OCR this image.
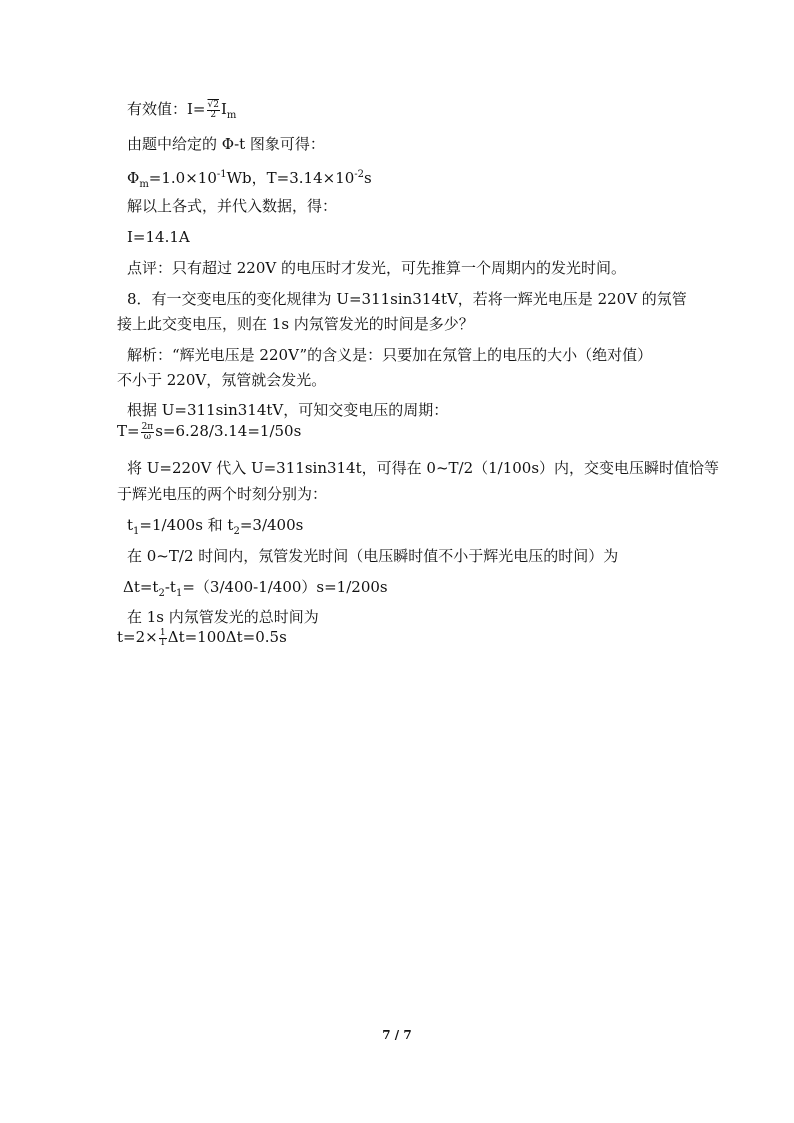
有效值：$I= \frac{√2}{2} I_m$
由题中给定的 Φ-t 图象可得：
$\Phi_m=1.0\times 10^{-1}Wb$，$T=3.14\times 10^{-2}s$
解以上各式，并代入数据，得：
I=14.1A
点评：只有超过 220V 的电压时才发光，可先推算一个周期内的发光时间。
8．有一交变电压的变化规律为 U=311sin314tV，若将一辉光电压是 220V 的氖管
接上此交变电压，则在 1s 内氖管发光的时间是多少？
解析：“辉光电压是 220V”的含义是：只要加在氖管上的电压的大小（绝对值）
不小于 220V，氖管就会发光。
根据 U=311sin314tV，可知交变电压的周期：
$T= \frac{2\pi}{\omega} s=6.28/3.14=1/50s$
将 U=220V 代入 U=311sin314t，可得在 0~T/2（1/100s）内，交变电压瞬时值恰等
于辉光电压的两个时刻分别为：
$t_1=1/400s$ 和 $t_2=3/400s$
在 0~T/2 时间内，氖管发光时间（电压瞬时值不小于辉光电压的时间）为
$\Delta t=t_2-t_1=(3/400-1/400)s=1/200s$
在 1s 内氖管发光的总时间为
$t=2\times \frac{1}{T} \Delta t=100\Delta t=0.5s$
7 / 7
